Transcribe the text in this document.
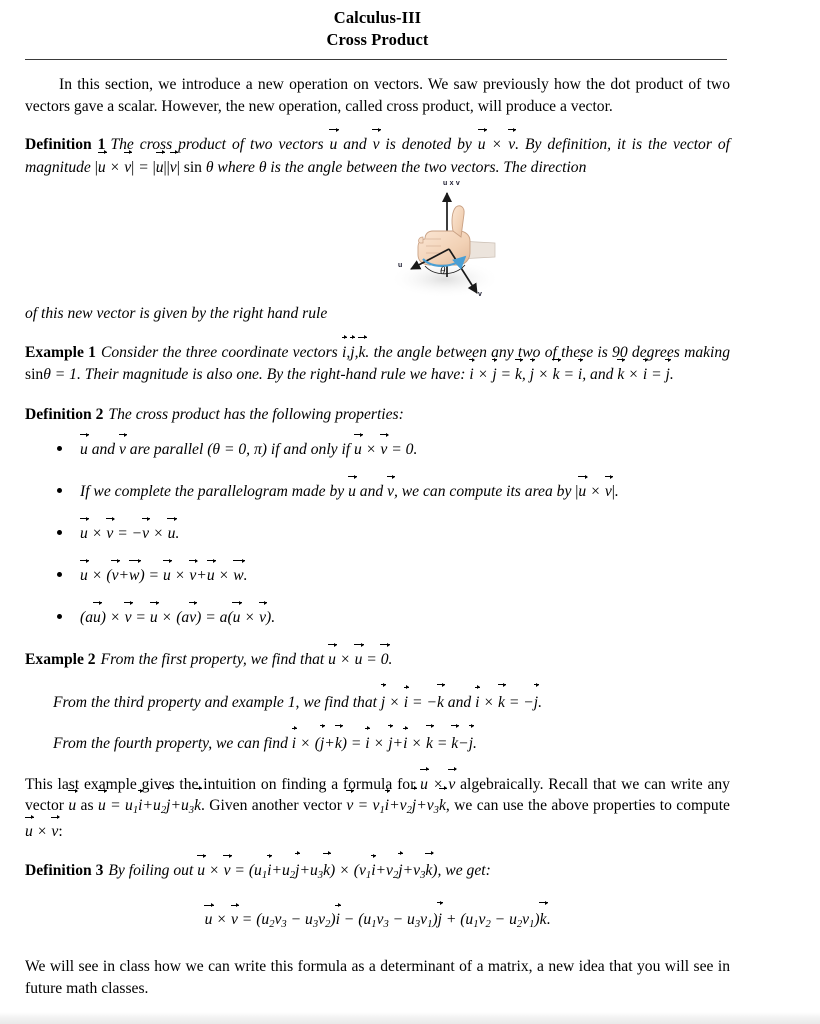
Calculus-III
Cross Product

In this section, we introduce a new operation on vectors. We saw previously how the dot product of two vectors gave a scalar. However, the new operation, called cross product, will produce a vector.

Definition 1 The cross product of two vectors u and v is denoted by u × v. By definition, it is the vector of magnitude |u × v| = |u||v| sin θ where θ is the angle between the two vectors. The direction

u x v
u
v
θ

of this new vector is given by the right hand rule

Example 1 Consider the three coordinate vectors i,j,k. the angle between any two of these is 90 degrees making sinθ = 1. Their magnitude is also one. By the right-hand rule we have: i × j = k, j × k = i, and k × i = j.

Definition 2 The cross product has the following properties:

u and v are parallel (θ = 0, π) if and only if u × v = 0.
If we complete the parallelogram made by u and v, we can compute its area by |u × v|.
u × v = −v × u.
u × (v+w) = u × v+u × w.
(au) × v = u × (av) = a(u × v).

Example 2 From the first property, we find that u × u = 0.

From the third property and example 1, we find that j × i = −k and i × k = −j.

From the fourth property, we can find i × (j+k) = i × j+i × k = k−j.

This last example gives the intuition on finding a formula for u × v algebraically. Recall that we can write any vector u as $u = u_1i+u_2j+u_3k$. Given another vector $v = v_1i+v_2j+v_3k$, we can use the above properties to compute u × v:

Definition 3 By foiling out $u \times v = (u_1i+u_2j+u_3k) \times (v_1i+v_2j+v_3k)$, we get:

$u \times v = (u_2v_3 - u_3v_2)i - (u_1v_3 - u_3v_1)j + (u_1v_2 - u_2v_1)k$.

We will see in class how we can write this formula as a determinant of a matrix, a new idea that you will see in future math classes.
